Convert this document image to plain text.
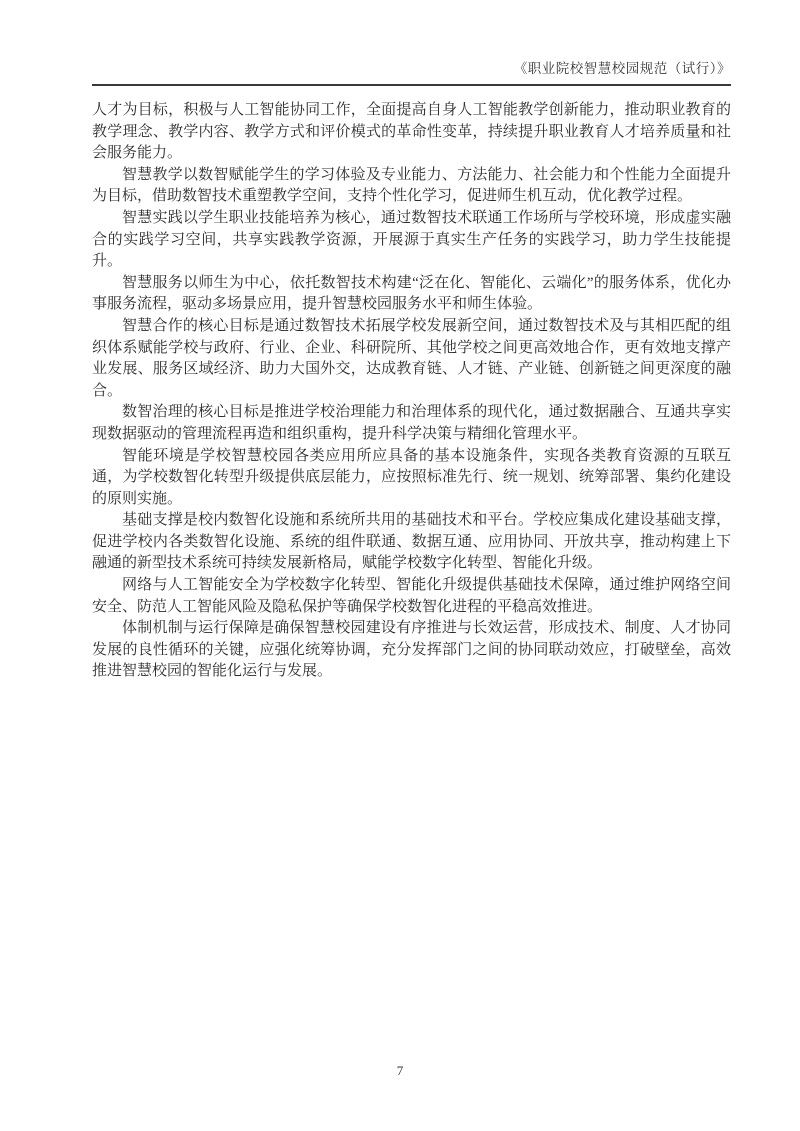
《职业院校智慧校园规范（试行）》

人才为目标，积极与人工智能协同工作，全面提高自身人工智能教学创新能力，推动职业教育的教学理念、教学内容、教学方式和评价模式的革命性变革，持续提升职业教育人才培养质量和社会服务能力。

智慧教学以数智赋能学生的学习体验及专业能力、方法能力、社会能力和个性能力全面提升为目标，借助数智技术重塑教学空间，支持个性化学习，促进师生机互动，优化教学过程。

智慧实践以学生职业技能培养为核心，通过数智技术联通工作场所与学校环境，形成虚实融合的实践学习空间，共享实践教学资源，开展源于真实生产任务的实践学习，助力学生技能提升。

智慧服务以师生为中心，依托数智技术构建“泛在化、智能化、云端化”的服务体系，优化办事服务流程，驱动多场景应用，提升智慧校园服务水平和师生体验。

智慧合作的核心目标是通过数智技术拓展学校发展新空间，通过数智技术及与其相匹配的组织体系赋能学校与政府、行业、企业、科研院所、其他学校之间更高效地合作，更有效地支撑产业发展、服务区域经济、助力大国外交，达成教育链、人才链、产业链、创新链之间更深度的融合。

数智治理的核心目标是推进学校治理能力和治理体系的现代化，通过数据融合、互通共享实现数据驱动的管理流程再造和组织重构，提升科学决策与精细化管理水平。

智能环境是学校智慧校园各类应用所应具备的基本设施条件，实现各类教育资源的互联互通，为学校数智化转型升级提供底层能力，应按照标准先行、统一规划、统筹部署、集约化建设的原则实施。

基础支撑是校内数智化设施和系统所共用的基础技术和平台。学校应集成化建设基础支撑，促进学校内各类数智化设施、系统的组件联通、数据互通、应用协同、开放共享，推动构建上下融通的新型技术系统可持续发展新格局，赋能学校数字化转型、智能化升级。

网络与人工智能安全为学校数字化转型、智能化升级提供基础技术保障，通过维护网络空间安全、防范人工智能风险及隐私保护等确保学校数智化进程的平稳高效推进。

体制机制与运行保障是确保智慧校园建设有序推进与长效运营，形成技术、制度、人才协同发展的良性循环的关键，应强化统筹协调，充分发挥部门之间的协同联动效应，打破壁垒，高效推进智慧校园的智能化运行与发展。

7
